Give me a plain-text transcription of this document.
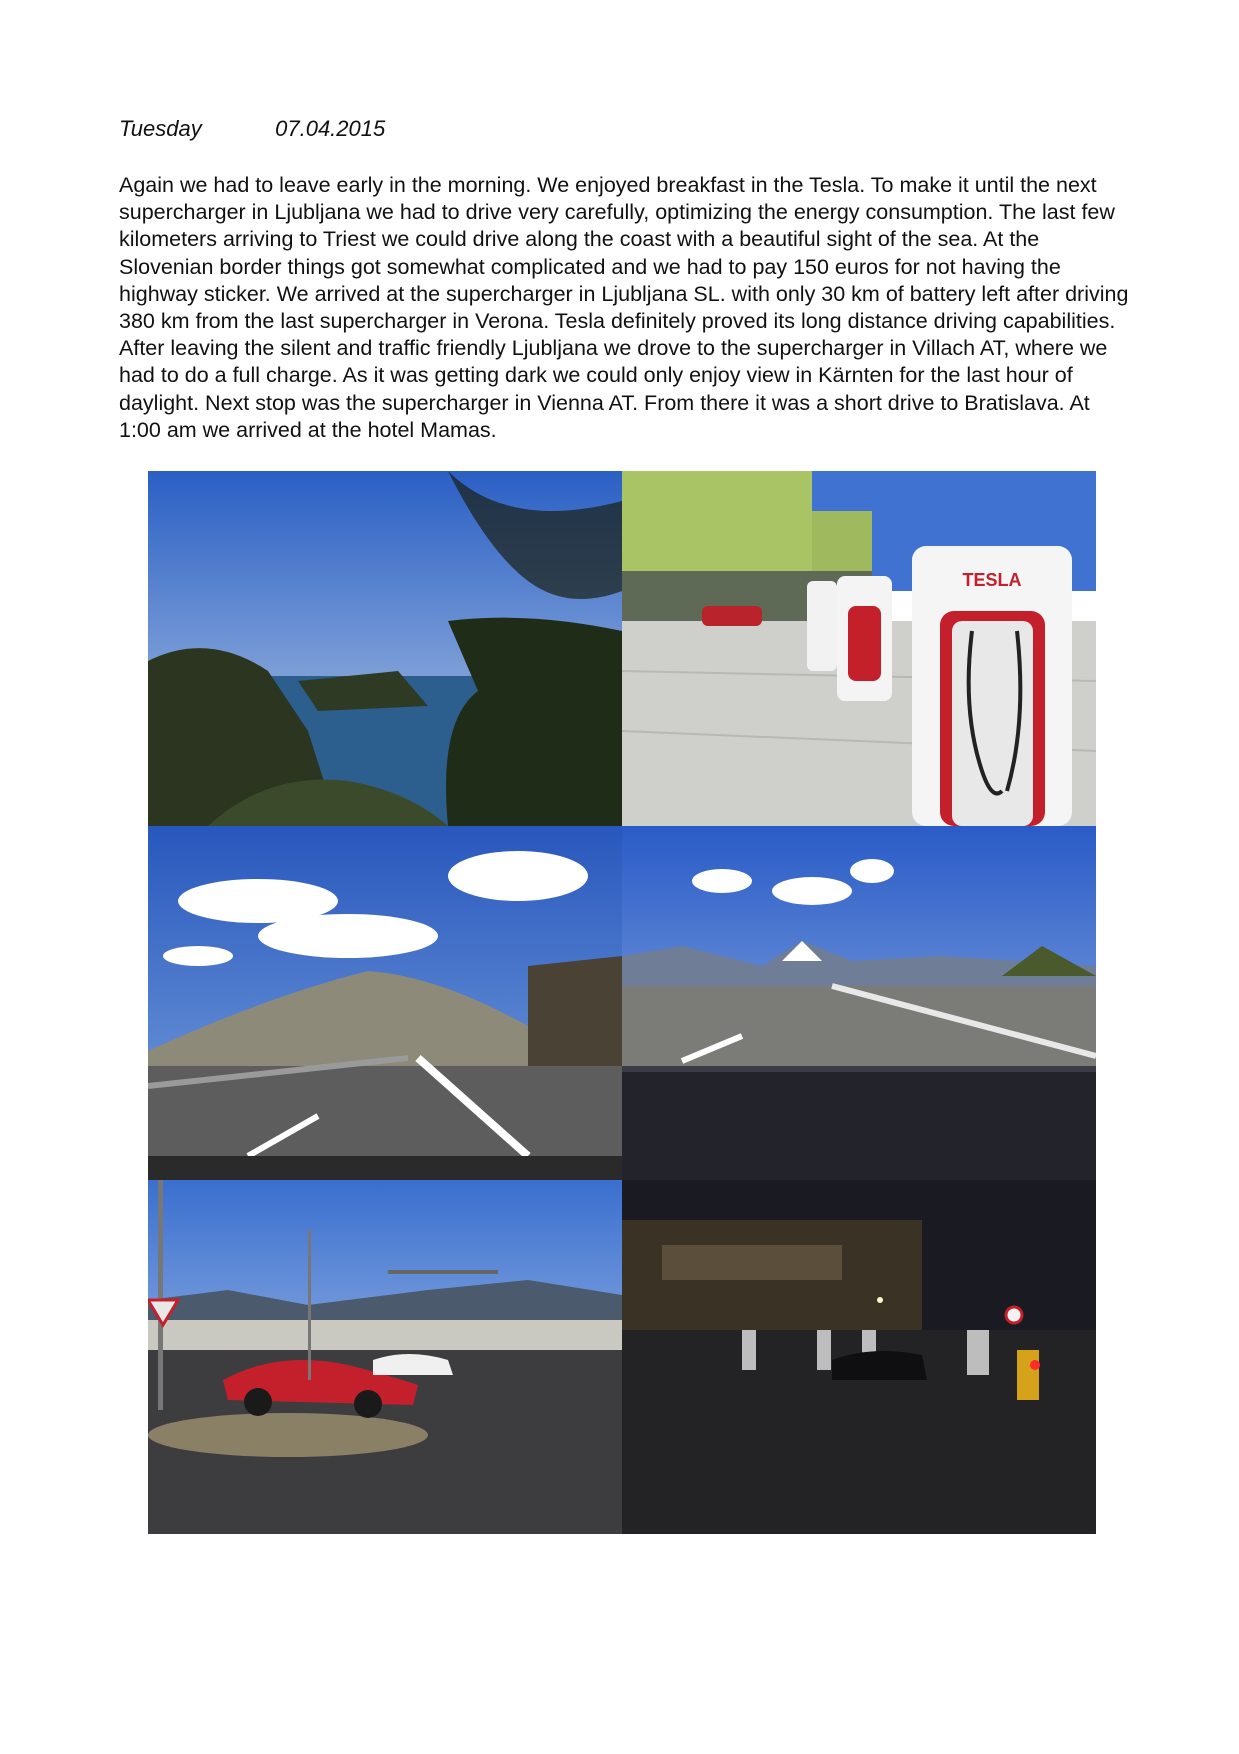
Tuesday	07.04.2015

Again we had to leave early in the morning. We enjoyed breakfast in the Tesla. To make it until the next supercharger in Ljubljana we had to drive very carefully, optimizing the energy consumption. The last few kilometers arriving to Triest we could drive along the coast with a beautiful sight of the sea. At the Slovenian border things got somewhat complicated and we had to pay 150 euros for not having the highway sticker. We arrived at the supercharger in Ljubljana SL. with only 30 km of battery left after driving 380 km from the last supercharger in Verona. Tesla definitely proved its long distance driving capabilities. After leaving the silent and traffic friendly Ljubljana we drove to the supercharger in Villach AT, where we had to do a full charge. As it was getting dark we could only enjoy view in Kärnten for the last hour of daylight. Next stop was the supercharger in Vienna AT. From there it was a short drive to Bratislava. At 1:00 am we arrived at the hotel Mamas.

TESLA
